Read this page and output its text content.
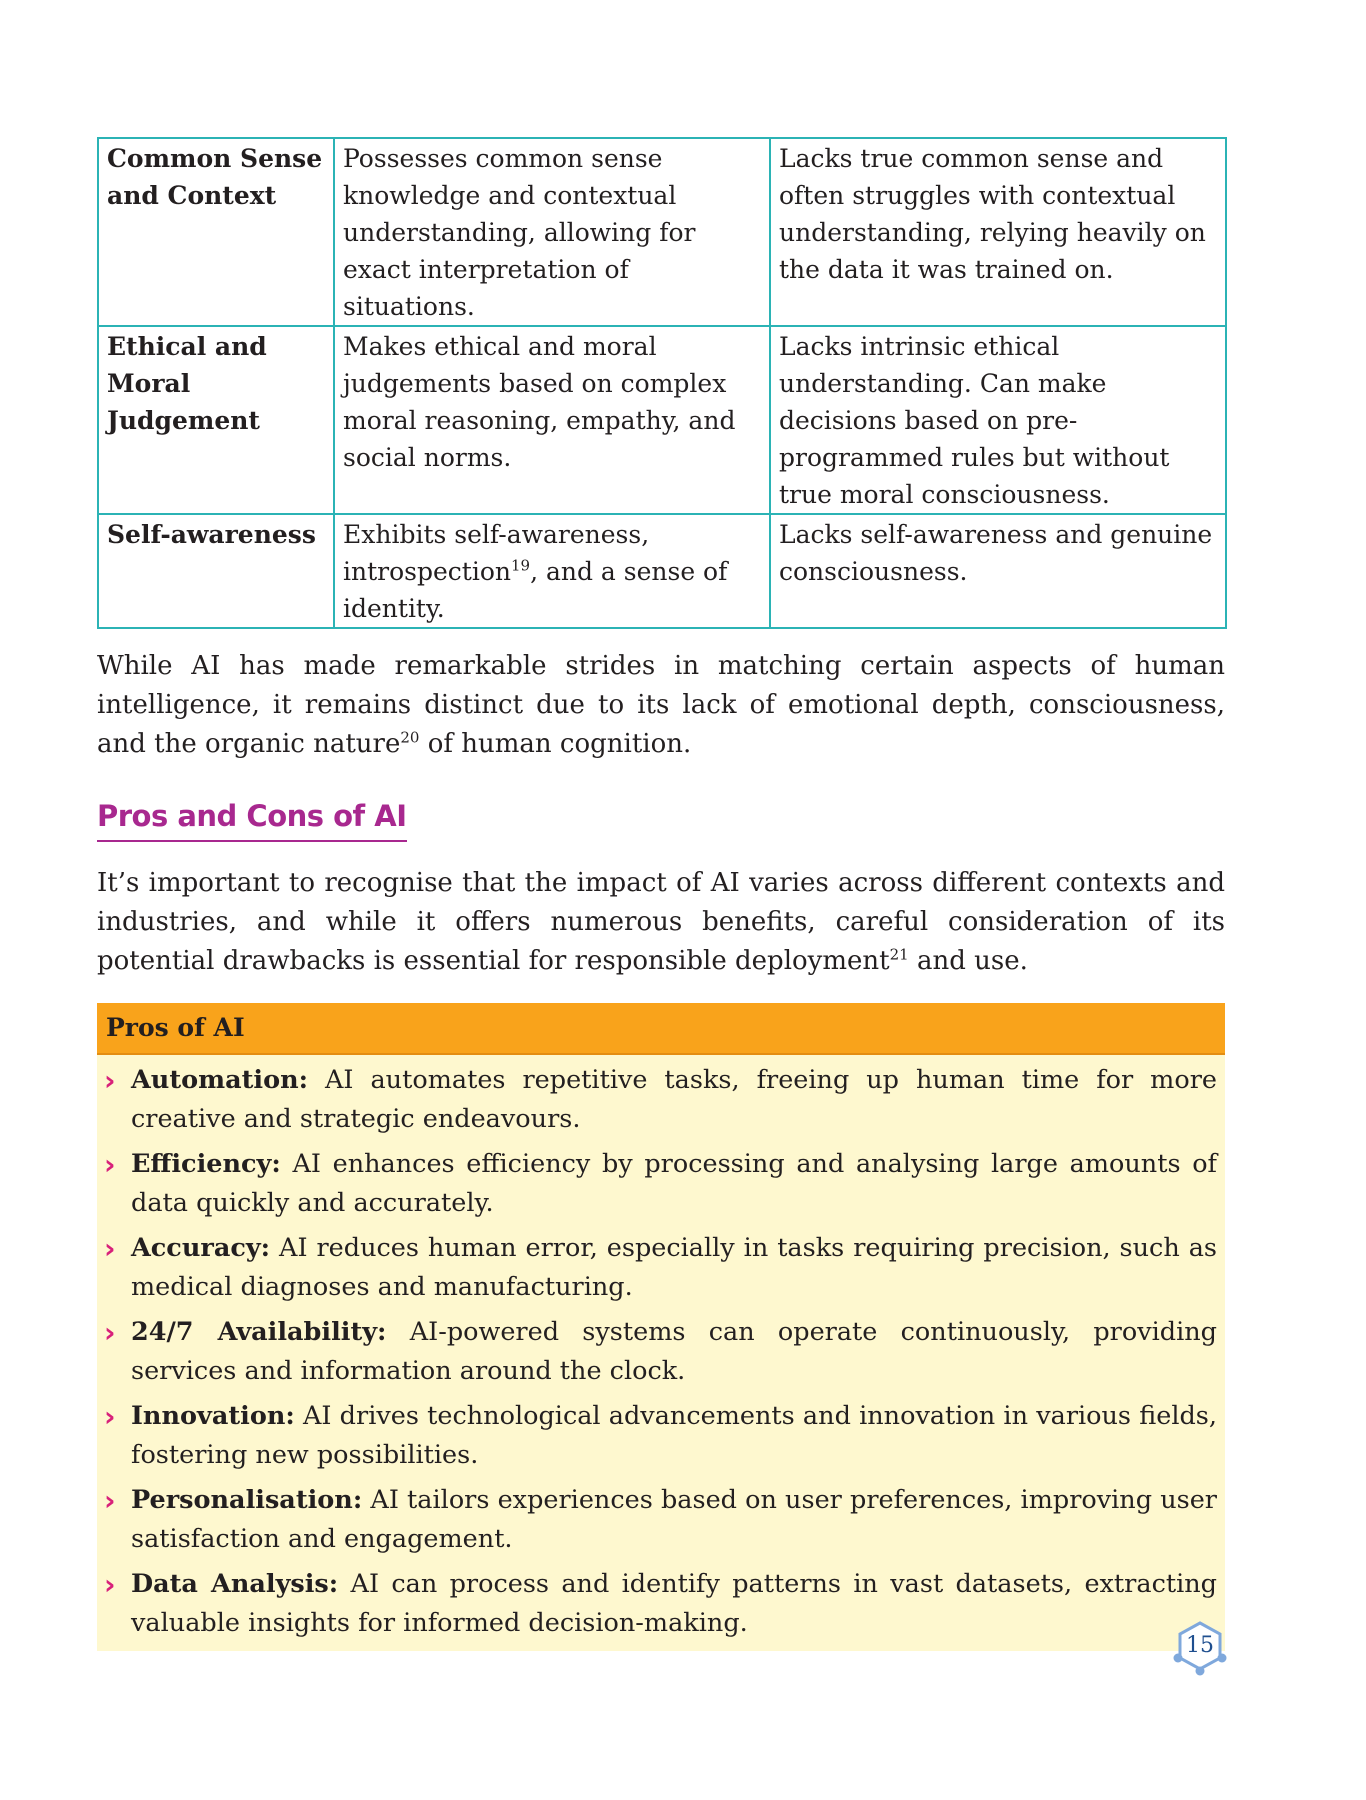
Common Sense and Context	Possesses common sense knowledge and contextual understanding, allowing for exact interpretation of situations.	Lacks true common sense and often struggles with contextual understanding, relying heavily on the data it was trained on.
Ethical and Moral Judgement	Makes ethical and moral judgements based on complex moral reasoning, empathy, and social norms.	Lacks intrinsic ethical understanding. Can make decisions based on pre-programmed rules but without true moral consciousness.
Self-awareness	Exhibits self-awareness, introspection$^{19}$, and a sense of identity.	Lacks self-awareness and genuine consciousness.

While AI has made remarkable strides in matching certain aspects of human intelligence, it remains distinct due to its lack of emotional depth, consciousness, and the organic nature$^{20}$ of human cognition.

Pros and Cons of AI

It’s important to recognise that the impact of AI varies across different contexts and industries, and while it offers numerous benefits, careful consideration of its potential drawbacks is essential for responsible deployment$^{21}$ and use.

Pros of AI
› Automation: AI automates repetitive tasks, freeing up human time for more creative and strategic endeavours.
› Efficiency: AI enhances efficiency by processing and analysing large amounts of data quickly and accurately.
› Accuracy: AI reduces human error, especially in tasks requiring precision, such as medical diagnoses and manufacturing.
› 24/7 Availability: AI-powered systems can operate continuously, providing services and information around the clock.
› Innovation: AI drives technological advancements and innovation in various fields, fostering new possibilities.
› Personalisation: AI tailors experiences based on user preferences, improving user satisfaction and engagement.
› Data Analysis: AI can process and identify patterns in vast datasets, extracting valuable insights for informed decision-making.
15
